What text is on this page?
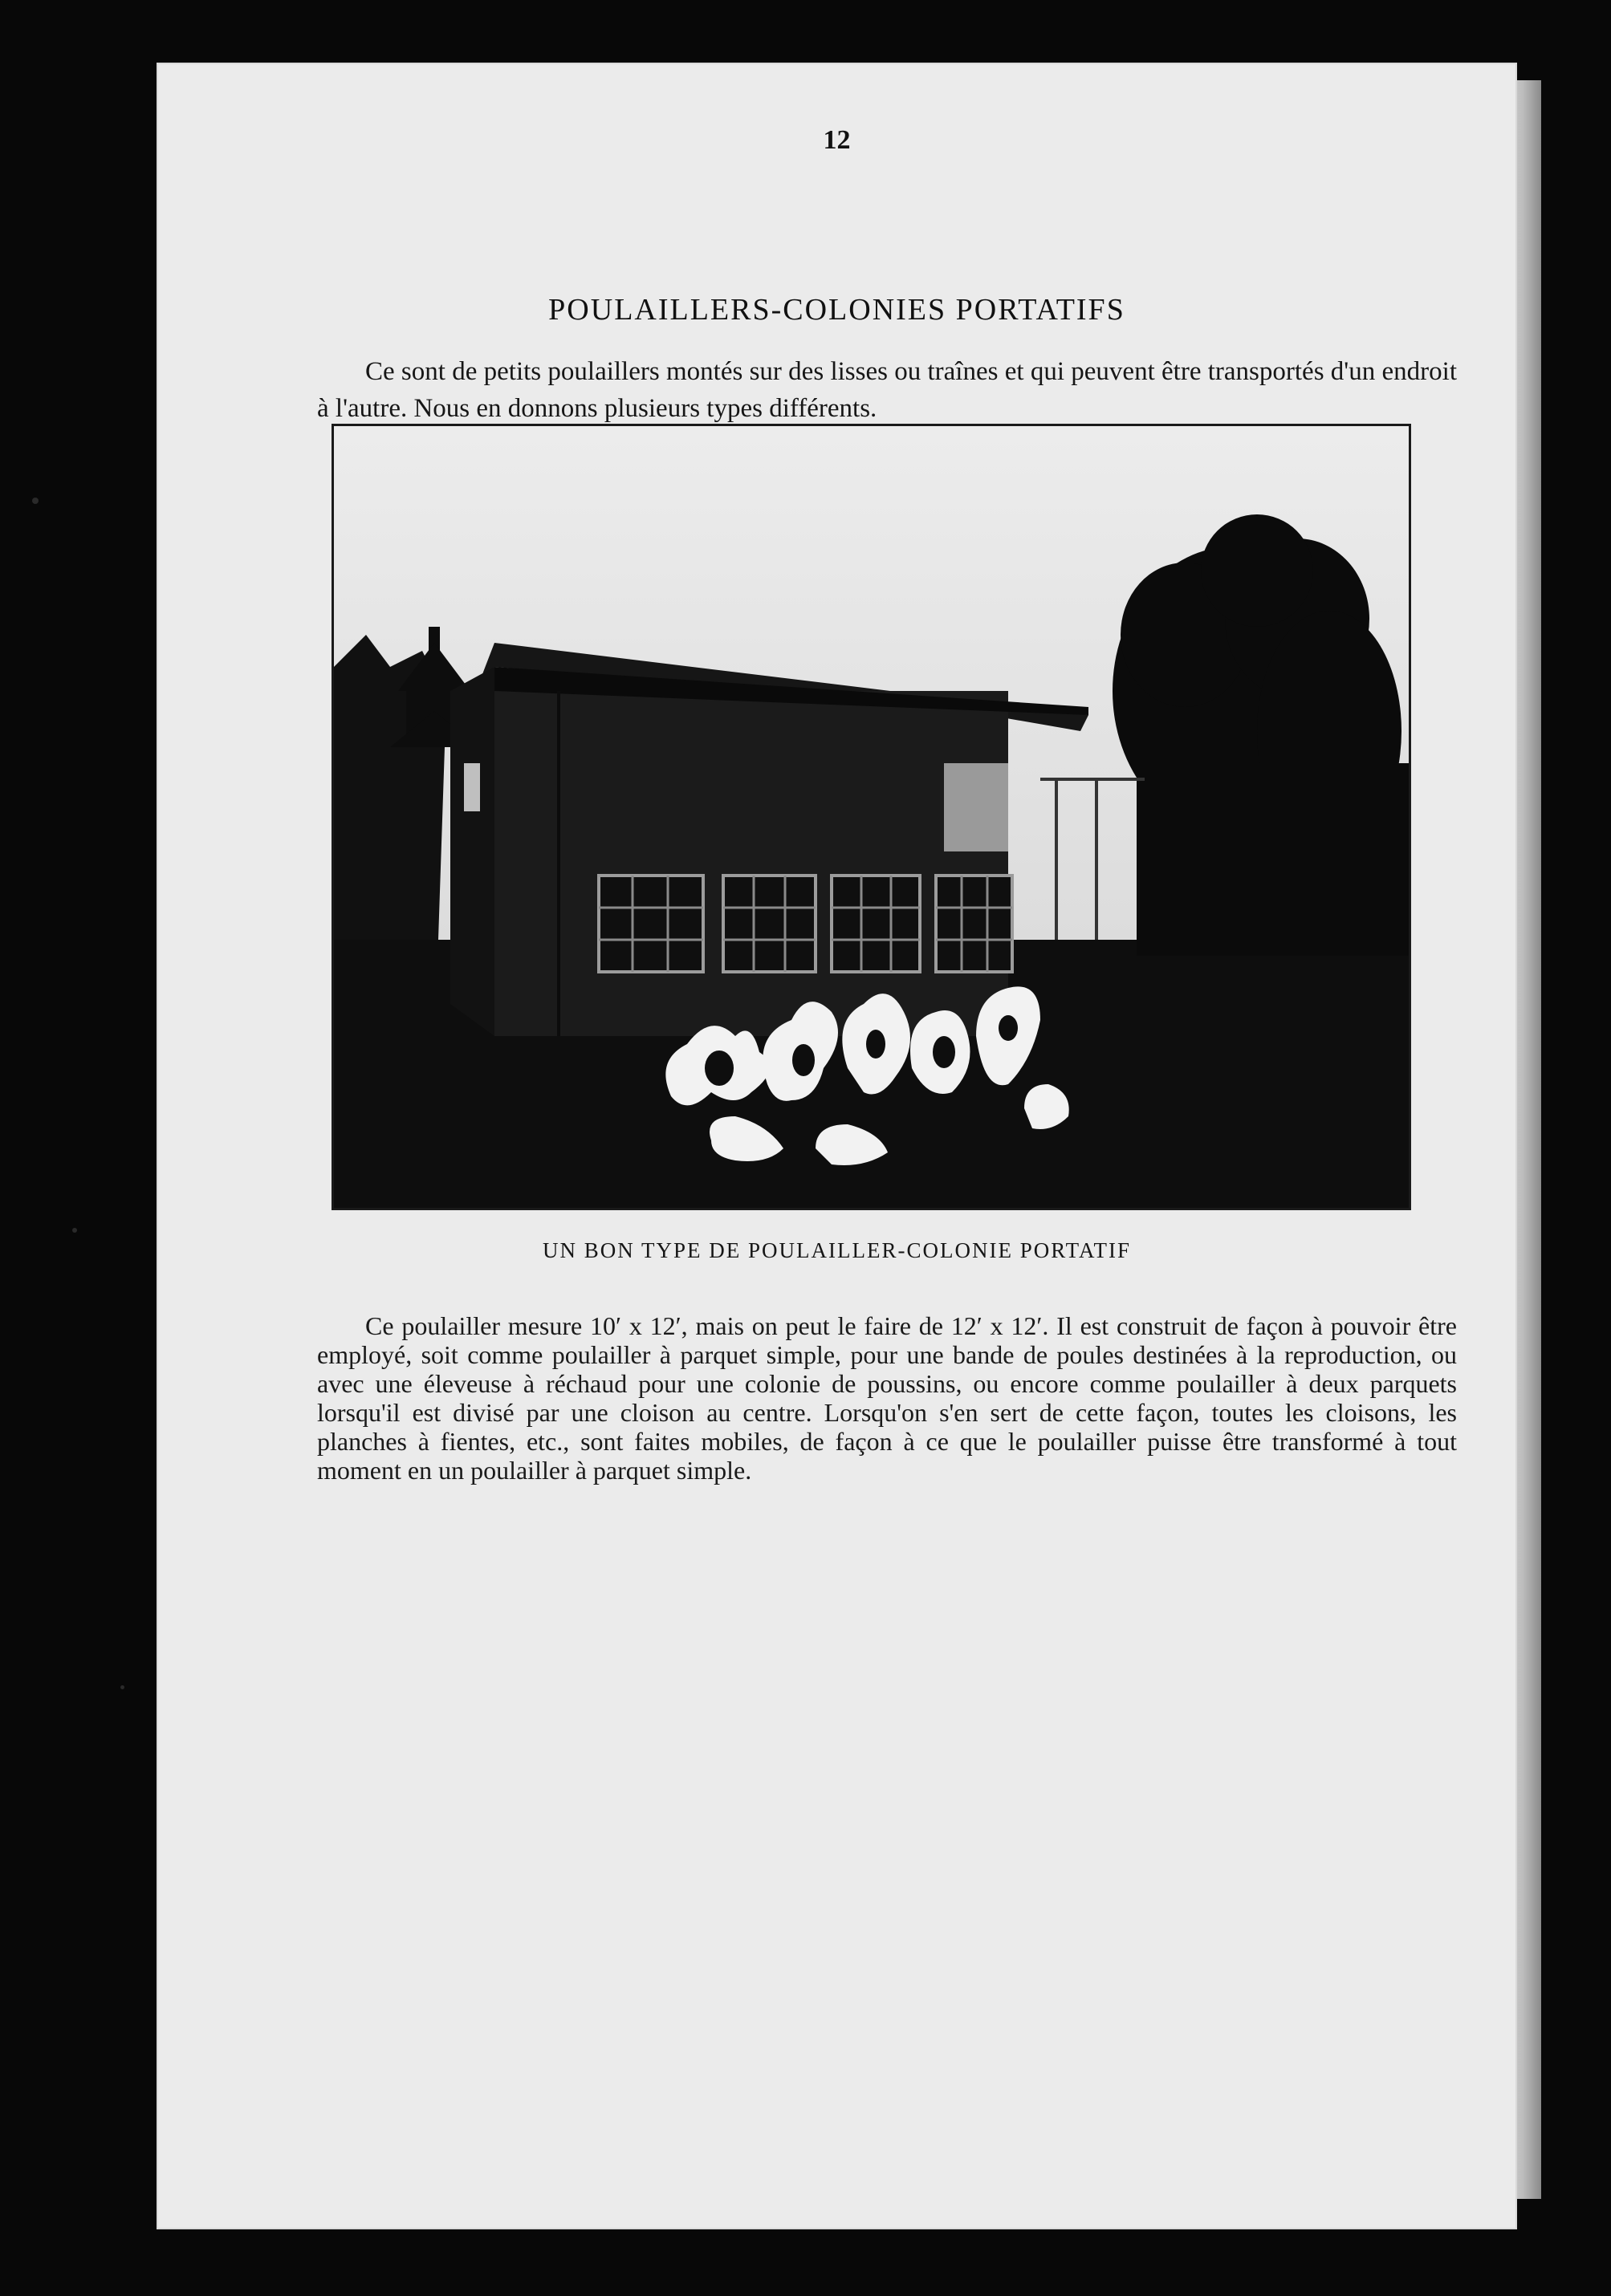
12
POULAILLERS-COLONIES PORTATIFS

Ce sont de petits poulaillers montés sur des lisses ou traînes et qui peuvent être transportés d'un endroit à l'autre. Nous en donnons plusieurs types différents.

UN BON TYPE DE POULAILLER-COLONIE PORTATIF

Ce poulailler mesure 10′ x 12′, mais on peut le faire de 12′ x 12′. Il est construit de façon à pouvoir être employé, soit comme poulailler à parquet simple, pour une bande de poules destinées à la reproduction, ou avec une éleveuse à réchaud pour une colonie de poussins, ou encore comme poulailler à deux parquets lorsqu'il est divisé par une cloison au centre. Lorsqu'on s'en sert de cette façon, toutes les cloisons, les planches à fientes, etc., sont faites mobiles, de façon à ce que le poulailler puisse être transformé à tout moment en un poulailler à parquet simple.
